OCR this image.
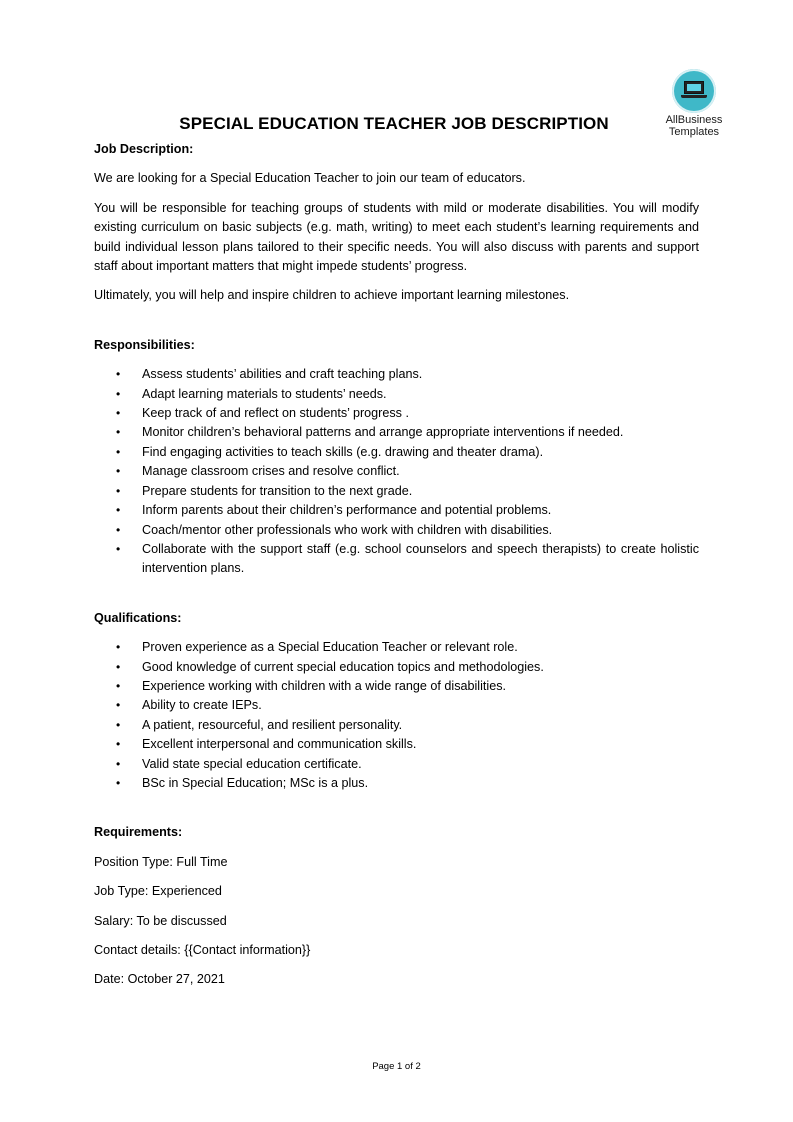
AllBusiness
Templates
SPECIAL EDUCATION TEACHER JOB DESCRIPTION

Job Description:

We are looking for a Special Education Teacher to join our team of educators.

You will be responsible for teaching groups of students with mild or moderate disabilities. You will modify existing curriculum on basic subjects (e.g. math, writing) to meet each student’s learning requirements and build individual lesson plans tailored to their specific needs. You will also discuss with parents and support staff about important matters that might impede students’ progress.

Ultimately, you will help and inspire children to achieve important learning milestones.

Responsibilities:

• Assess students’ abilities and craft teaching plans.
• Adapt learning materials to students’ needs.
• Keep track of and reflect on students’ progress .
• Monitor children’s behavioral patterns and arrange appropriate interventions if needed.
• Find engaging activities to teach skills (e.g. drawing and theater drama).
• Manage classroom crises and resolve conflict.
• Prepare students for transition to the next grade.
• Inform parents about their children’s performance and potential problems.
• Coach/mentor other professionals who work with children with disabilities.
• Collaborate with the support staff (e.g. school counselors and speech therapists) to create holistic intervention plans.

Qualifications:

• Proven experience as a Special Education Teacher or relevant role.
• Good knowledge of current special education topics and methodologies.
• Experience working with children with a wide range of disabilities.
• Ability to create IEPs.
• A patient, resourceful, and resilient personality.
• Excellent interpersonal and communication skills.
• Valid state special education certificate.
• BSc in Special Education; MSc is a plus.

Requirements:

Position Type: Full Time

Job Type: Experienced

Salary: To be discussed

Contact details: {{Contact information}}

Date: October 27, 2021

Page 1 of 2
